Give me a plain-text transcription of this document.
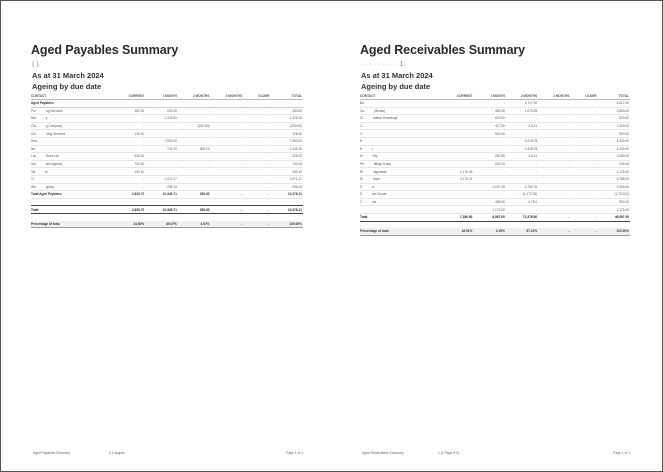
Aged Payables Summary
( ).
As at 31 March 2024
Ageing by due date
CONTACT	CURRENT	1 MONTH	2 MONTHS	3 MONTHS	OLDER	TOTAL
Aged Payables						
Pur ng Services	300.00	220.00	-	-	-	300.00
Rai y	-	1,376.00	-	-	-	1,376.00
Cla g Company	-	-	(290.30)	-	-	(290.00)
Cro ning Services	125.00	-	-	-	-	125.00
Hea	-	7,590.00	-	-	-	7,590.00
Ne	-	741.00	300.10	-	-	1,041.00
Loc Sons Ltd	325.00	-	-	-	-	325.00
Sal ons Agency	700.00	-	-	-	-	700.00
Tal ie	190.10	-	-	-	-	190.10
Tt	-	1,071.27	-	-	-	1,071.27
Wo pplies	-	206.24	-	-	-	206.24
Total Aged Payables	2,630.70	10,326.71	399.60	-	-	13,378.21

Total	2,630.70	10,326.71	399.60	-	-	13,378.21

Percentage of total	24.60%	80.07%	4.07%	-	-	100.00%
Aged Payables Summary	6 1 August	Page 1 of 1
Aged Receivables Summary
· · · · · · · · · 1.
As at 31 March 2024
Ageing by due date
CONTACT	CURRENT	1 MONTH	2 MONTHS	3 MONTHS	OLDER	TOTAL
Ba	-	-	4,717.00	-	-	4,617.00
Ca (Studio)	-	382.50	1,075.25	-	-	3,693.00
Ci adena Hoardings	-	600.50	-	-	-	600.00
C	-	42,730	2,6,21	-	-	1,400.00
C	-	900.00	-	-	-	900.00
H	-	-	4,218.75	-	-	4,230.00
H t	-	-	4,418.75	-	-	4,400.00
M Rty	-	250.50	2,6,21	-	-	2,050.00
Pe iffling Group	-	240.10	-	-	-	240.00
Ri ingsmade	1,176.05	-	-	-	-	1,176.00
Si nhue	3,176.21	-	-	-	-	3,766.00
S ls	-	1,157.08	4,706.76	-	-	2,500.00
S ain Suede	-	-	(1,170.75)	-	-	(1,710.00)
Y ins	-	485.90	4,75.0	-	-	960.00
	-	1,175.00	-	-	-	1,175.00
Total	7,186.50	4,067.00	71,576.00	-	-	46,997.00

Percentage of total	16.91%	0.15%	67.10%	-	-	100.00%
Aged Receivables Summary	1 (1 Page 8-9)	Page 1 of 1
